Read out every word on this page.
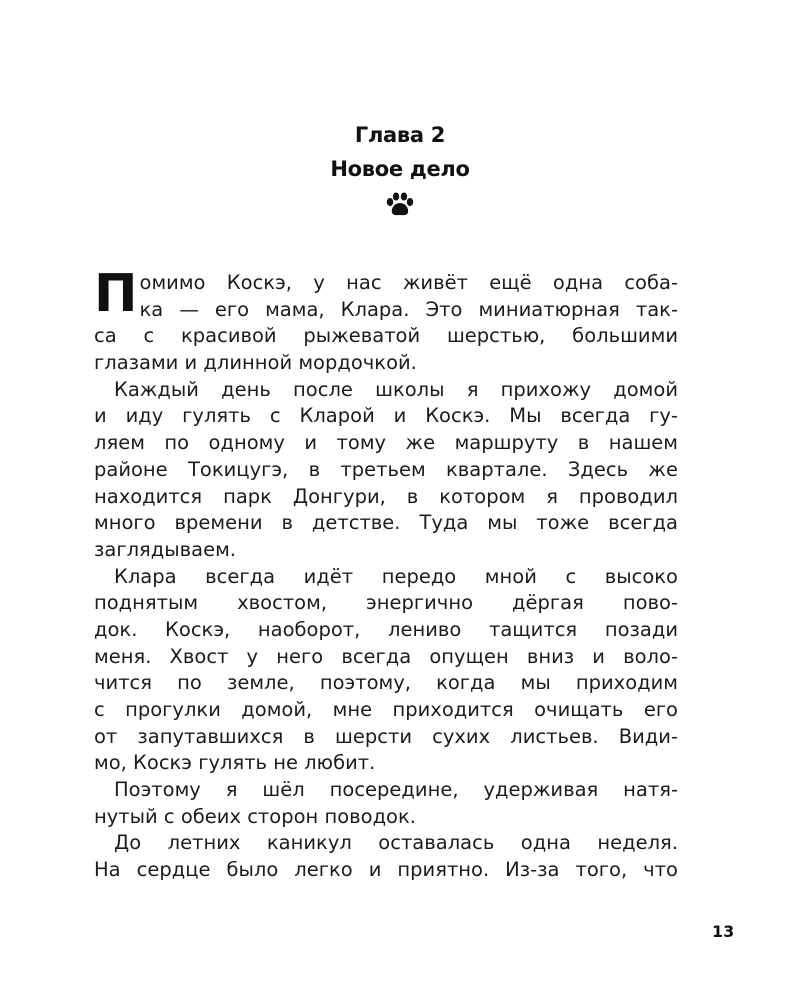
Глава 2
Новое дело
Помимо Коскэ, у нас живёт ещё одна соба-
ка — его мама, Клара. Это миниатюрная так-
са с красивой рыжеватой шерстью, большими
глазами и длинной мордочкой.
Каждый день после школы я прихожу домой
и иду гулять с Кларой и Коскэ. Мы всегда гу-
ляем по одному и тому же маршруту в нашем
районе Токицугэ, в третьем квартале. Здесь же
находится парк Донгури, в котором я проводил
много времени в детстве. Туда мы тоже всегда
заглядываем.
Клара всегда идёт передо мной с высоко
поднятым хвостом, энергично дёргая пово-
док. Коскэ, наоборот, лениво тащится позади
меня. Хвост у него всегда опущен вниз и воло-
чится по земле, поэтому, когда мы приходим
с прогулки домой, мне приходится очищать его
от запутавшихся в шерсти сухих листьев. Види-
мо, Коскэ гулять не любит.
Поэтому я шёл посередине, удерживая натя-
нутый с обеих сторон поводок.
До летних каникул оставалась одна неделя.
На сердце было легко и приятно. Из-за того, что
13
